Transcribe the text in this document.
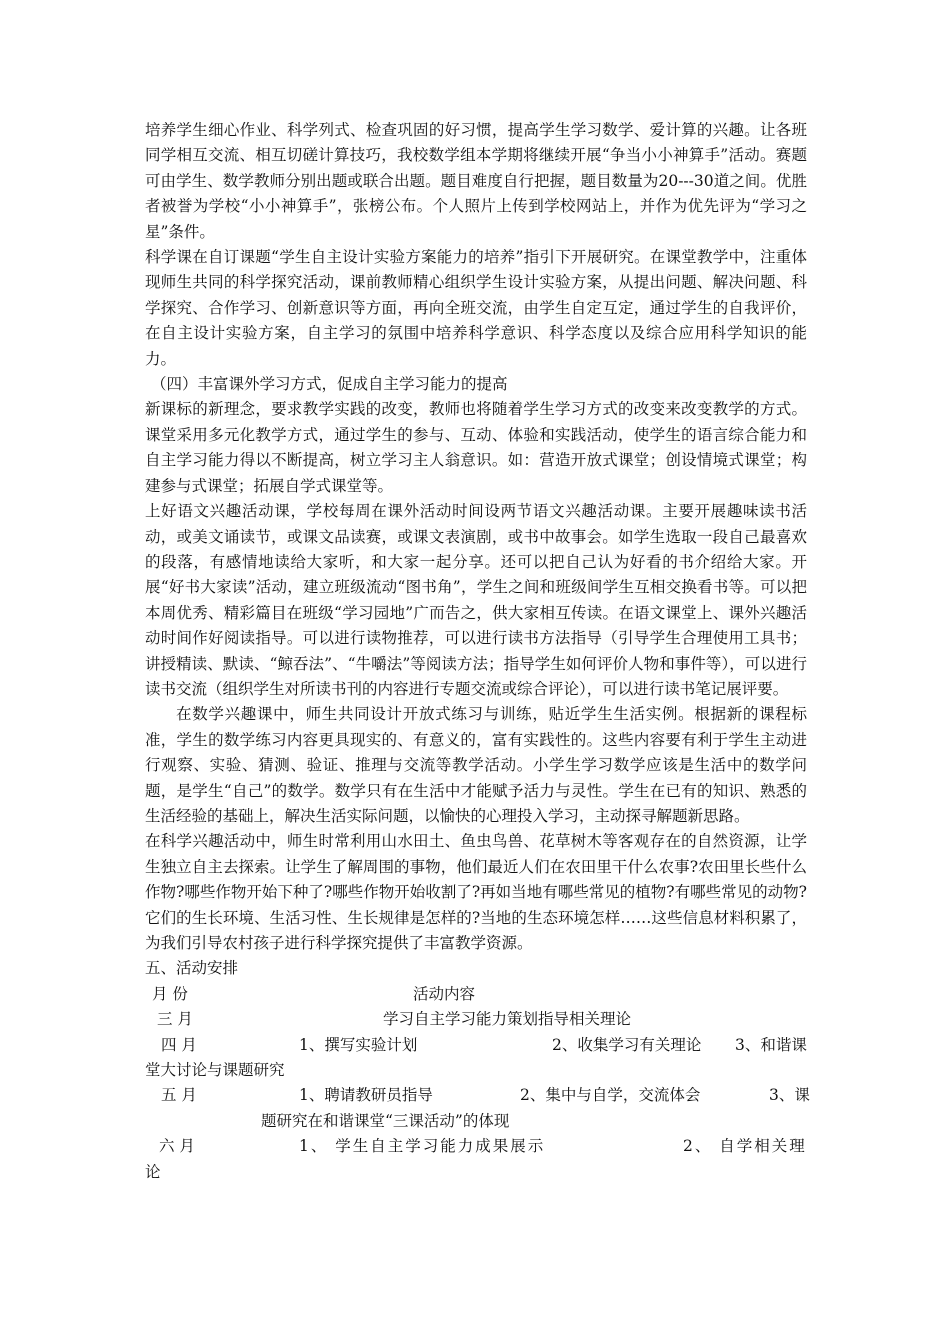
培养学生细心作业、科学列式、检查巩固的好习惯，提高学生学习数学、爱计算的兴趣。让各班同学相互交流、相互切磋计算技巧，我校数学组本学期将继续开展“争当小小神算手”活动。赛题可由学生、数学教师分别出题或联合出题。题目难度自行把握，题目数量为20---30道之间。优胜者被誉为学校“小小神算手”，张榜公布。个人照片上传到学校网站上，并作为优先评为“学习之星”条件。

科学课在自订课题“学生自主设计实验方案能力的培养”指引下开展研究。在课堂教学中，注重体现师生共同的科学探究活动，课前教师精心组织学生设计实验方案，从提出问题、解决问题、科学探究、合作学习、创新意识等方面，再向全班交流，由学生自定互定，通过学生的自我评价，在自主设计实验方案，自主学习的氛围中培养科学意识、科学态度以及综合应用科学知识的能力。

（四）丰富课外学习方式，促成自主学习能力的提高

新课标的新理念，要求教学实践的改变，教师也将随着学生学习方式的改变来改变教学的方式。课堂采用多元化教学方式，通过学生的参与、互动、体验和实践活动，使学生的语言综合能力和自主学习能力得以不断提高，树立学习主人翁意识。如：营造开放式课堂；创设情境式课堂；构建参与式课堂；拓展自学式课堂等。

上好语文兴趣活动课，学校每周在课外活动时间设两节语文兴趣活动课。主要开展趣味读书活动，或美文诵读节，或课文品读赛，或课文表演剧，或书中故事会。如学生选取一段自己最喜欢的段落，有感情地读给大家听，和大家一起分享。还可以把自己认为好看的书介绍给大家。开展“好书大家读”活动，建立班级流动“图书角”，学生之间和班级间学生互相交换看书等。可以把本周优秀、精彩篇目在班级“学习园地”广而告之，供大家相互传读。在语文课堂上、课外兴趣活动时间作好阅读指导。可以进行读物推荐，可以进行读书方法指导（引导学生合理使用工具书；讲授精读、默读、“鲸吞法”、“牛嚼法”等阅读方法；指导学生如何评价人物和事件等），可以进行读书交流（组织学生对所读书刊的内容进行专题交流或综合评论），可以进行读书笔记展评要。

在数学兴趣课中，师生共同设计开放式练习与训练，贴近学生生活实例。根据新的课程标准，学生的数学练习内容更具现实的、有意义的，富有实践性的。这些内容要有利于学生主动进行观察、实验、猜测、验证、推理与交流等教学活动。小学生学习数学应该是生活中的数学问题，是学生“自己”的数学。数学只有在生活中才能赋予活力与灵性。学生在已有的知识、熟悉的生活经验的基础上，解决生活实际问题，以愉快的心理投入学习，主动探寻解题新思路。

在科学兴趣活动中，师生时常利用山水田土、鱼虫鸟兽、花草树木等客观存在的自然资源，让学生独立自主去探索。让学生了解周围的事物，他们最近人们在农田里干什么农事?农田里长些什么作物?哪些作物开始下种了?哪些作物开始收割了?再如当地有哪些常见的植物?有哪些常见的动物?它们的生长环境、生活习性、生长规律是怎样的?当地的生态环境怎样……这些信息材料积累了，为我们引导农村孩子进行科学探究提供了丰富教学资源。

五、活动安排

月 份	活动内容
三 月	学习自主学习能力策划指导相关理论
四 月	1、撰写实验计划	2、收集学习有关理论 3、和谐课

堂大讨论与课题研究

五 月	1、聘请教研员指导	2、集中与自学，交流体会	3、课

题研究在和谐课堂“三课活动”的体现

六 月	1、 学生自主学习能力成果展示	2、 自学相关理

论
